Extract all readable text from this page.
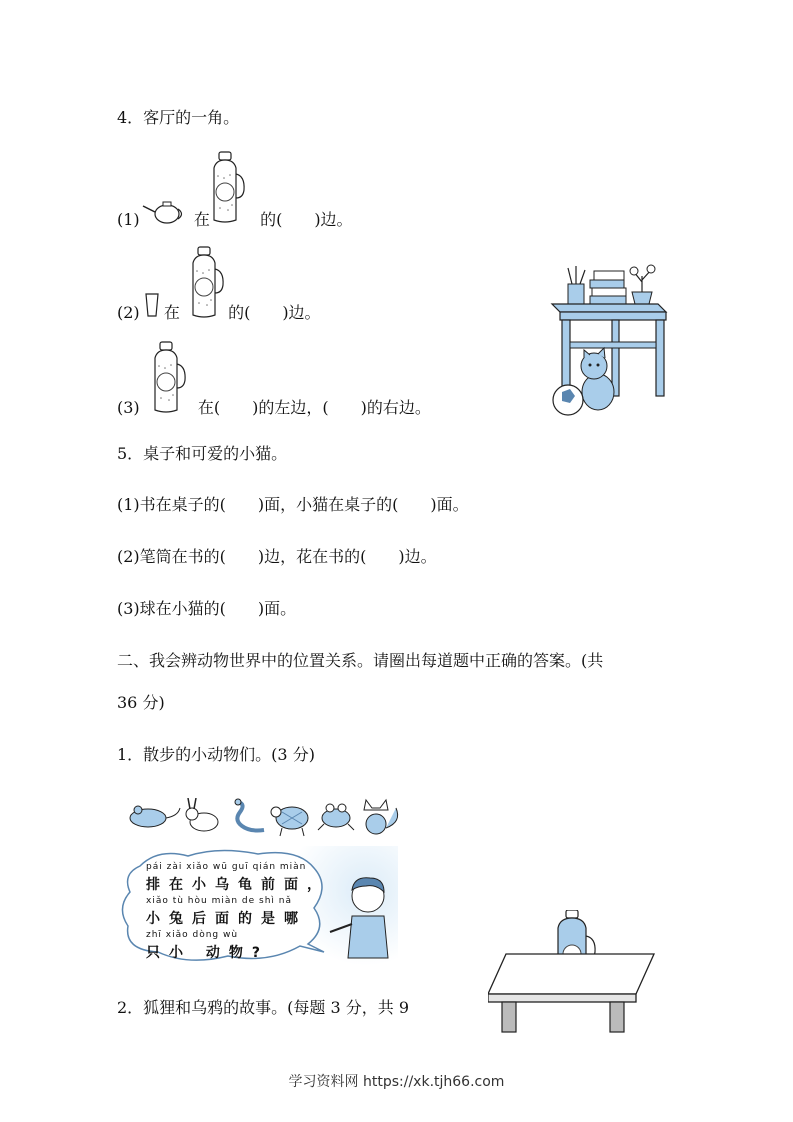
4．客厅的一角。
(1)	在	的( )边。
(2) 在	的( )边。
(3)	在( )的左边，( )的右边。
5．桌子和可爱的小猫。
(1)书在桌子的( )面，小猫在桌子的( )面。
(2)笔筒在书的( )边，花在书的( )边。
(3)球在小猫的( )面。
二、我会辨动物世界中的位置关系。请圈出每道题中正确的答案。(共
36 分)
1．散步的小动物们。(3 分)
pái zài xiǎo wū guī qián miàn
排在小乌龟前面，
xiǎo tù hòu miàn de shì nǎ
小兔后面的是哪
zhī xiǎo dòng wù
只小 动物?
2．狐狸和乌鸦的故事。(每题 3 分，共 9
学习资料网 https://xk.tjh66.com
